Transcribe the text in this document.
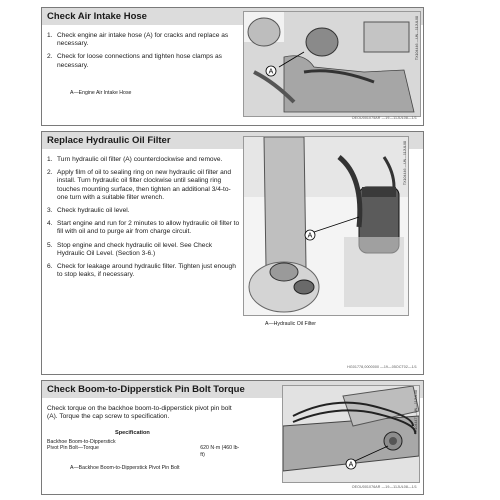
Check Air Intake Hose
1. Check engine air intake hose (A) for cracks and replace as necessary.
2. Check for loose connections and tighten hose clamps as necessary.
A—Engine Air Intake Hose
A
TX104446 —UN—11JUL08
OEOU001075AR —19—11JUL08—1/1
Replace Hydraulic Oil Filter
1. Turn hydraulic oil filter (A) counterclockwise and remove.
2. Apply film of oil to sealing ring on new hydraulic oil filter and install. Turn hydraulic oil filter clockwise until sealing ring touches mounting surface, then tighten an additional 3/4-to-one turn with a suitable filter wrench.
3. Check hydraulic oil level.
4. Start engine and run for 2 minutes to allow hydraulic oil filter to fill with oil and to purge air from charge circuit.
5. Stop engine and check hydraulic oil level. See Check Hydraulic Oil Level. (Section 3-6.)
6. Check for leakage around hydraulic filter. Tighten just enough to stop leaks, if necessary.
A
TX104446 —UN—11JUL08
A—Hydraulic Oil Filter
HG01778,0000000 —19—05OCT02—1/1
Check Boom-to-Dipperstick Pin Bolt Torque
Check torque on the backhoe boom-to-dipperstick pivot pin bolt (A). Torque the cap screw to specification.
Specification
Backhoe Boom-to-Dipperstick
Pivot Pin Bolt—Torque	620 N·m (460 lb-ft)
A—Backhoe Boom-to-Dipperstick Pivot Pin Bolt	A
TX104447 —UN—11JUL08
OEOU001076AR —19—11JUL08—1/1
